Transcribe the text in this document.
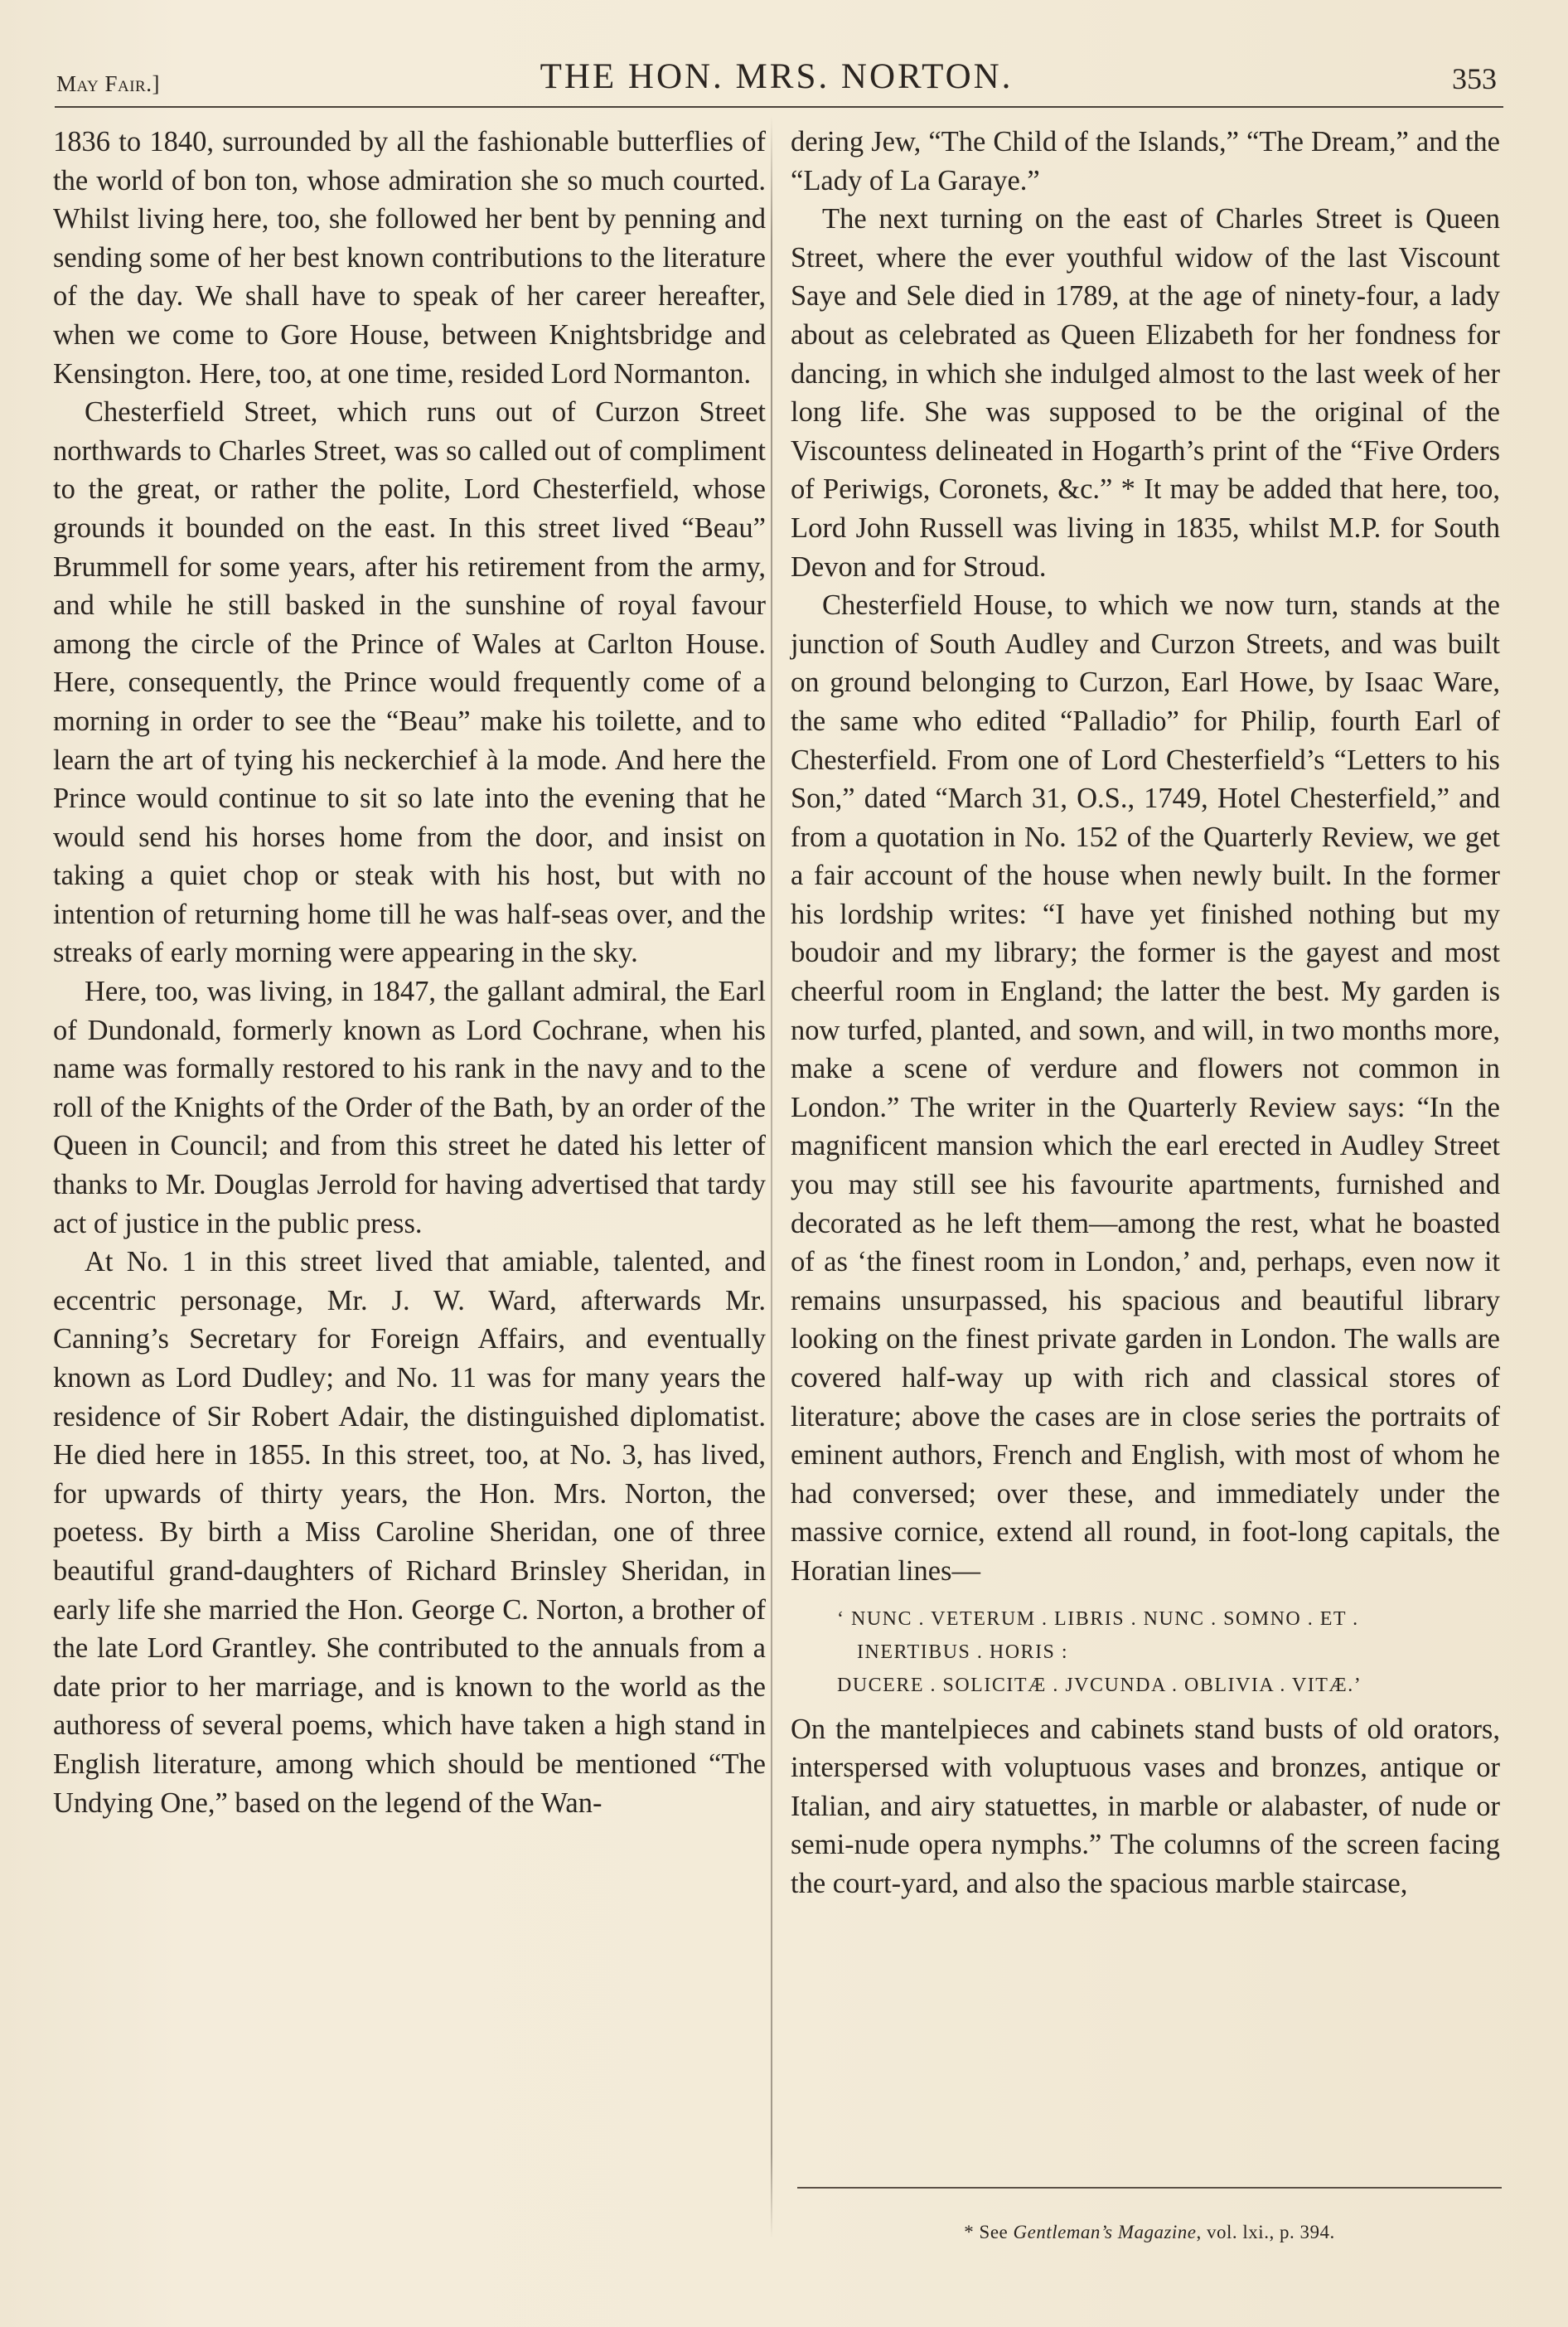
May Fair.]	THE HON. MRS. NORTON.	353

1836 to 1840, surrounded by all the fashionable butterflies of the world of bon ton, whose admiration she so much courted. Whilst living here, too, she followed her bent by penning and sending some of her best known contributions to the literature of the day. We shall have to speak of her career hereafter, when we come to Gore House, between Knightsbridge and Kensington. Here, too, at one time, resided Lord Normanton.

Chesterfield Street, which runs out of Curzon Street northwards to Charles Street, was so called out of compliment to the great, or rather the polite, Lord Chesterfield, whose grounds it bounded on the east. In this street lived “Beau” Brummell for some years, after his retirement from the army, and while he still basked in the sunshine of royal favour among the circle of the Prince of Wales at Carlton House. Here, consequently, the Prince would frequently come of a morning in order to see the “Beau” make his toilette, and to learn the art of tying his neckerchief à la mode. And here the Prince would continue to sit so late into the evening that he would send his horses home from the door, and insist on taking a quiet chop or steak with his host, but with no intention of returning home till he was half-seas over, and the streaks of early morning were appearing in the sky.

Here, too, was living, in 1847, the gallant admiral, the Earl of Dundonald, formerly known as Lord Cochrane, when his name was formally restored to his rank in the navy and to the roll of the Knights of the Order of the Bath, by an order of the Queen in Council; and from this street he dated his letter of thanks to Mr. Douglas Jerrold for having advertised that tardy act of justice in the public press.

At No. 1 in this street lived that amiable, talented, and eccentric personage, Mr. J. W. Ward, afterwards Mr. Canning’s Secretary for Foreign Affairs, and eventually known as Lord Dudley; and No. 11 was for many years the residence of Sir Robert Adair, the distinguished diplomatist. He died here in 1855. In this street, too, at No. 3, has lived, for upwards of thirty years, the Hon. Mrs. Norton, the poetess. By birth a Miss Caroline Sheridan, one of three beautiful grand-daughters of Richard Brinsley Sheridan, in early life she married the Hon. George C. Norton, a brother of the late Lord Grantley. She contributed to the annuals from a date prior to her marriage, and is known to the world as the authoress of several poems, which have taken a high stand in English literature, among which should be mentioned “The Undying One,” based on the legend of the Wan-

dering Jew, “The Child of the Islands,” “The Dream,” and the “Lady of La Garaye.”

The next turning on the east of Charles Street is Queen Street, where the ever youthful widow of the last Viscount Saye and Sele died in 1789, at the age of ninety-four, a lady about as celebrated as Queen Elizabeth for her fondness for dancing, in which she indulged almost to the last week of her long life. She was supposed to be the original of the Viscountess delineated in Hogarth’s print of the “Five Orders of Periwigs, Coronets, &c.” * It may be added that here, too, Lord John Russell was living in 1835, whilst M.P. for South Devon and for Stroud.

Chesterfield House, to which we now turn, stands at the junction of South Audley and Curzon Streets, and was built on ground belonging to Curzon, Earl Howe, by Isaac Ware, the same who edited “Palladio” for Philip, fourth Earl of Chesterfield. From one of Lord Chesterfield’s “Letters to his Son,” dated “March 31, O.S., 1749, Hotel Chesterfield,” and from a quotation in No. 152 of the Quarterly Review, we get a fair account of the house when newly built. In the former his lordship writes: “I have yet finished nothing but my boudoir and my library; the former is the gayest and most cheerful room in England; the latter the best. My garden is now turfed, planted, and sown, and will, in two months more, make a scene of verdure and flowers not common in London.” The writer in the Quarterly Review says: “In the magnificent mansion which the earl erected in Audley Street you may still see his favourite apartments, furnished and decorated as he left them—among the rest, what he boasted of as ‘the finest room in London,’ and, perhaps, even now it remains unsurpassed, his spacious and beautiful library looking on the finest private garden in London. The walls are covered half-way up with rich and classical stores of literature; above the cases are in close series the portraits of eminent authors, French and English, with most of whom he had conversed; over these, and immediately under the massive cornice, extend all round, in foot-long capitals, the Horatian lines—

‘ NUNC . VETERUM . LIBRIS . NUNC . SOMNO . ET .
INERTIBUS . HORIS :
DUCERE . SOLICITÆ . JVCUNDA . OBLIVIA . VITÆ.’

On the mantelpieces and cabinets stand busts of old orators, interspersed with voluptuous vases and bronzes, antique or Italian, and airy statuettes, in marble or alabaster, of nude or semi-nude opera nymphs.” The columns of the screen facing the court-yard, and also the spacious marble staircase,

* See Gentleman’s Magazine, vol. lxi., p. 394.
